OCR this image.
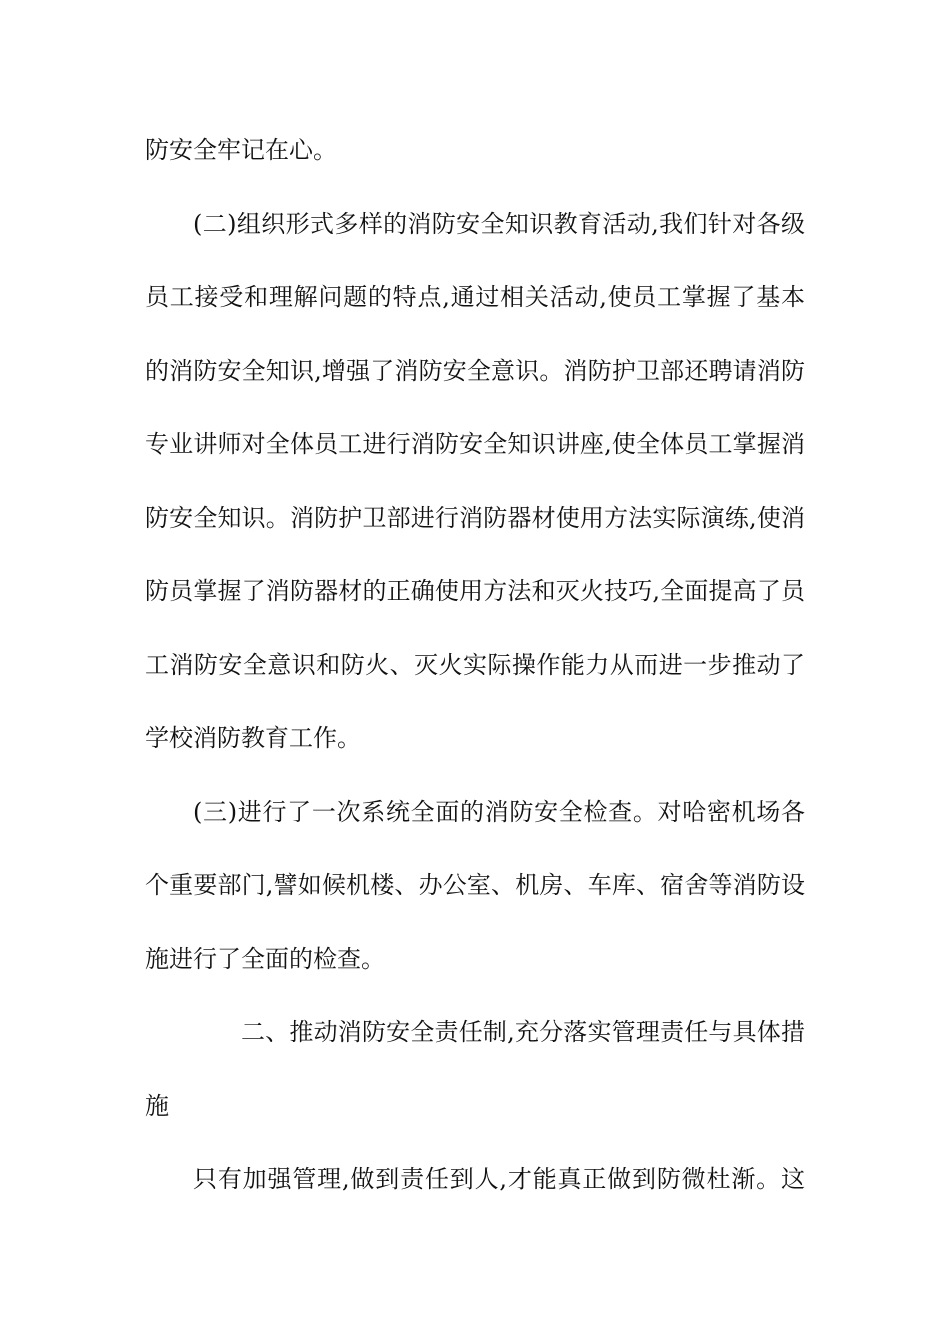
防安全牢记在心。
(二)组织形式多样的消防安全知识教育活动,我们针对各级
员工接受和理解问题的特点,通过相关活动,使员工掌握了基本
的消防安全知识,增强了消防安全意识。消防护卫部还聘请消防
专业讲师对全体员工进行消防安全知识讲座,使全体员工掌握消
防安全知识。消防护卫部进行消防器材使用方法实际演练,使消
防员掌握了消防器材的正确使用方法和灭火技巧,全面提高了员
工消防安全意识和防火、灭火实际操作能力从而进一步推动了
学校消防教育工作。
(三)进行了一次系统全面的消防安全检查。对哈密机场各
个重要部门,譬如候机楼、办公室、机房、车库、宿舍等消防设
施进行了全面的检查。
二、推动消防安全责任制,充分落实管理责任与具体措
施
只有加强管理,做到责任到人,才能真正做到防微杜渐。这
